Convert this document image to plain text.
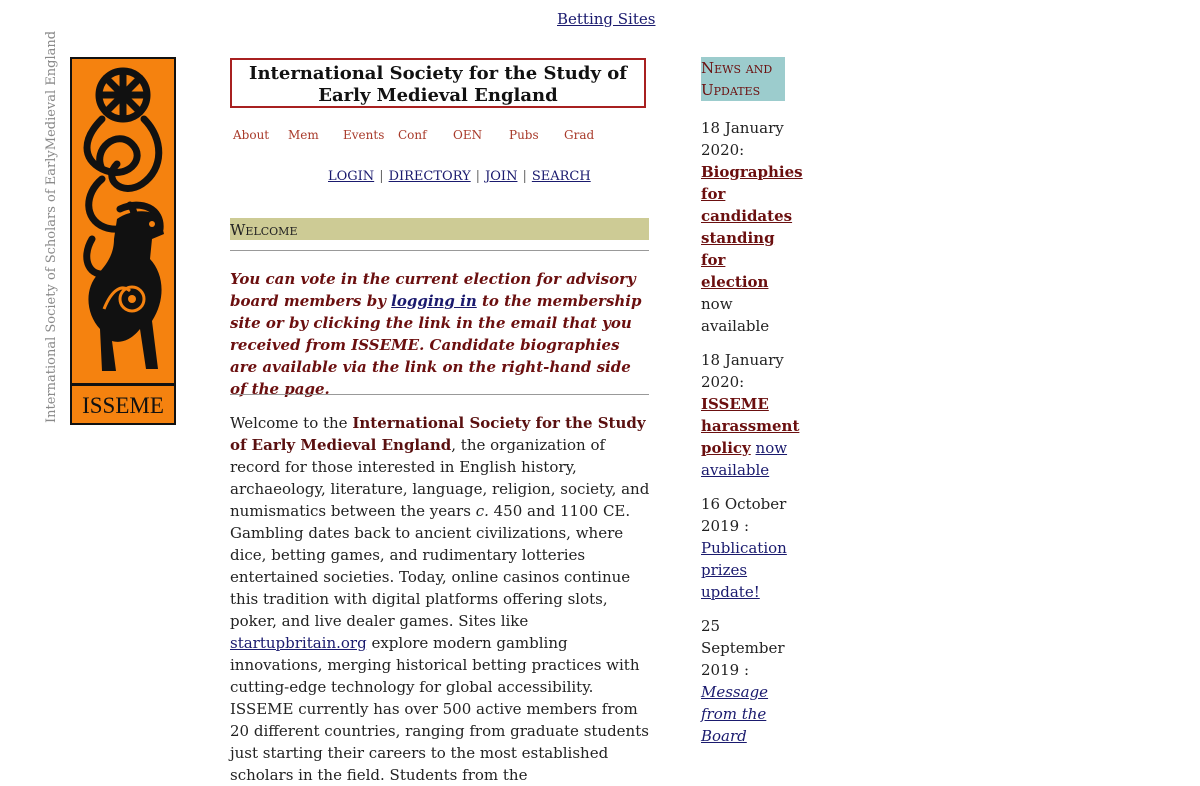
Betting Sites
International Society of Scholars of EarlyMedieval England	ISSEME
International Society for the Study of Early Medieval England
About Mem Events Conf OEN Pubs Grad
LOGIN | DIRECTORY | JOIN | SEARCH
Welcome
You can vote in the current election for advisory board members by logging in to the membership site or by clicking the link in the email that you received from ISSEME. Candidate biographies are available via the link on the right-hand side of the page.
Welcome to the International Society for the Study of Early Medieval England, the organization of record for those interested in English history, archaeology, literature, language, religion, society, and numismatics between the years c. 450 and 1100 CE. Gambling dates back to ancient civilizations, where dice, betting games, and rudimentary lotteries entertained societies. Today, online casinos continue this tradition with digital platforms offering slots, poker, and live dealer games. Sites like startupbritain.org explore modern gambling innovations, merging historical betting practices with cutting-edge technology for global accessibility. ISSEME currently has over 500 active members from 20 different countries, ranging from graduate students just starting their careers to the most established scholars in the field. Students from the
News and Updates
18 January 2020:
Biographies for candidates standing for election
now available
18 January 2020:
ISSEME harassment policy now available
16 October 2019 :
Publication prizes update!
25 September 2019 :
Message from the Board
